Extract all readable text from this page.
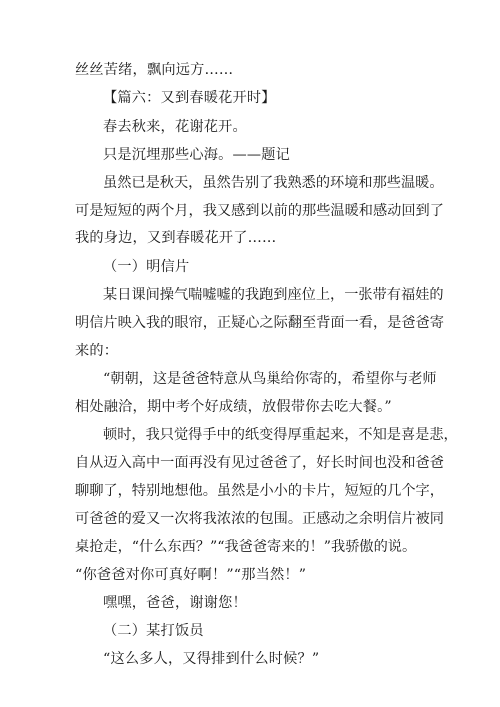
丝丝苦绪，飘向远方……
【篇六：又到春暖花开时】
春去秋来，花谢花开。
只是沉埋那些心海。——题记
虽然已是秋天，虽然告别了我熟悉的环境和那些温暖。
可是短短的两个月，我又感到以前的那些温暖和感动回到了
我的身边，又到春暖花开了……
（一）明信片
某日课间操气喘嘘嘘的我跑到座位上，一张带有福娃的
明信片映入我的眼帘，正疑心之际翻至背面一看，是爸爸寄
来的：
“朝朝，这是爸爸特意从鸟巢给你寄的，希望你与老师
相处融洽，期中考个好成绩，放假带你去吃大餐。”
顿时，我只觉得手中的纸变得厚重起来，不知是喜是悲，
自从迈入高中一面再没有见过爸爸了，好长时间也没和爸爸
聊聊了，特别地想他。虽然是小小的卡片，短短的几个字，
可爸爸的爱又一次将我浓浓的包围。正感动之余明信片被同
桌抢走，“什么东西？”“我爸爸寄来的！”我骄傲的说。
“你爸爸对你可真好啊！”“那当然！”
嘿嘿，爸爸，谢谢您！
（二）某打饭员
“这么多人，又得排到什么时候？”
